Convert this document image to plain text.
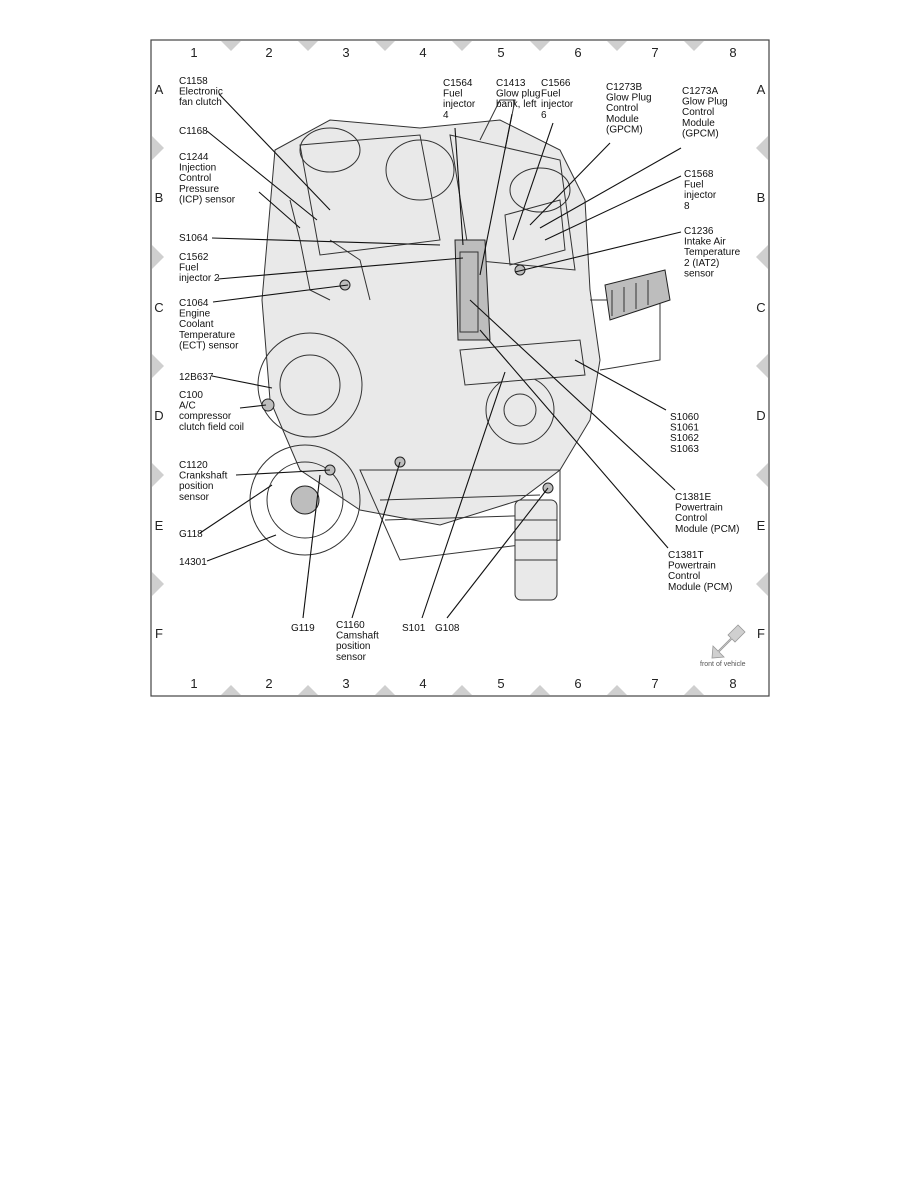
1	2	3	4	5	6	7	8
1	2	3	4	5	6	7	8
A
B
C
D
E
F
A
B
C
D
E
F
C1158 Electronic fan clutch
C1168
C1244 Injection Control Pressure (ICP) sensor
S1064
C1562 Fuel injector 2
C1064 Engine Coolant Temperature (ECT) sensor
12B637
C100 A/C compressor clutch field coil
C1120 Crankshaft position sensor
G118
14301
G119 C1160 Camshaft position sensor
S101 G108
C1564 Fuel injector 4
C1413 Glow plug bank, left
C1566 Fuel injector 6
C1273B Glow Plug Control Module (GPCM)
C1273A Glow Plug Control Module (GPCM)
C1568 Fuel injector 8
C1236 Intake Air Temperature 2 (IAT2) sensor
S1060 S1061 S1062 S1063
C1381E Powertrain Control Module (PCM)
C1381T Powertrain Control Module (PCM)
front of vehicle
